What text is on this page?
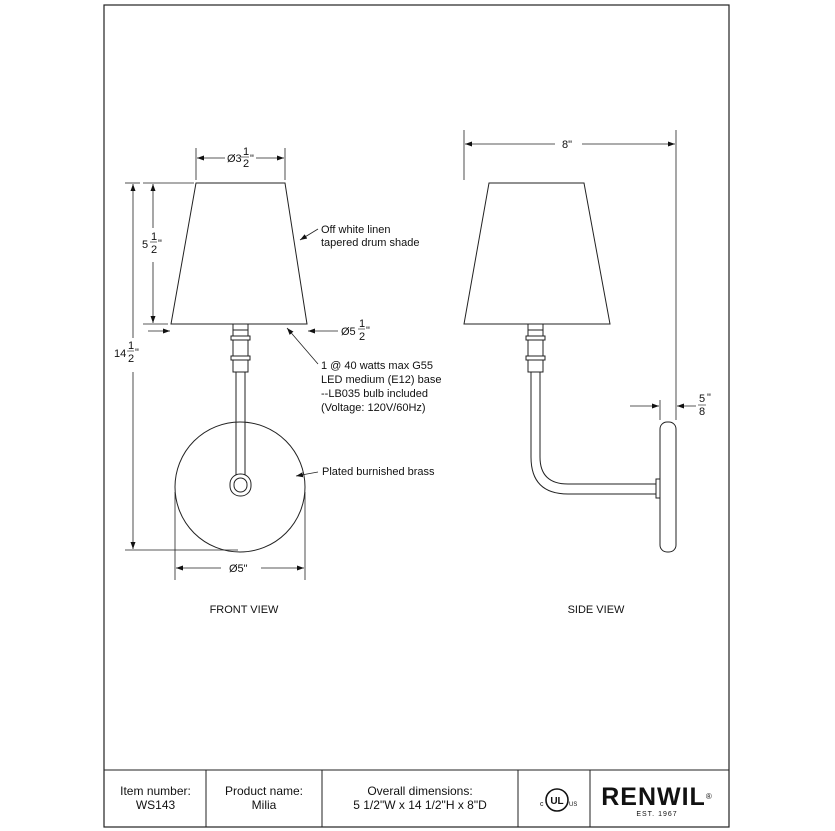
Ø3
1
2 "
5
1
2 "
14
1
2 "
Ø5
1
2 "
Ø5"
Off white linen
tapered drum shade
1 @ 40 watts max G55
LED medium (E12) base
--LB035 bulb included
(Voltage: 120V/60Hz)
Plated burnished brass
8"
5
8
"
FRONT VIEW	SIDE VIEW
Item number:
WS143
Product name:
Milia
Overall dimensions:
5 1/2"W x 14 1/2"H x 8"D	UL
c	US RENWIL®
EST. 1967
